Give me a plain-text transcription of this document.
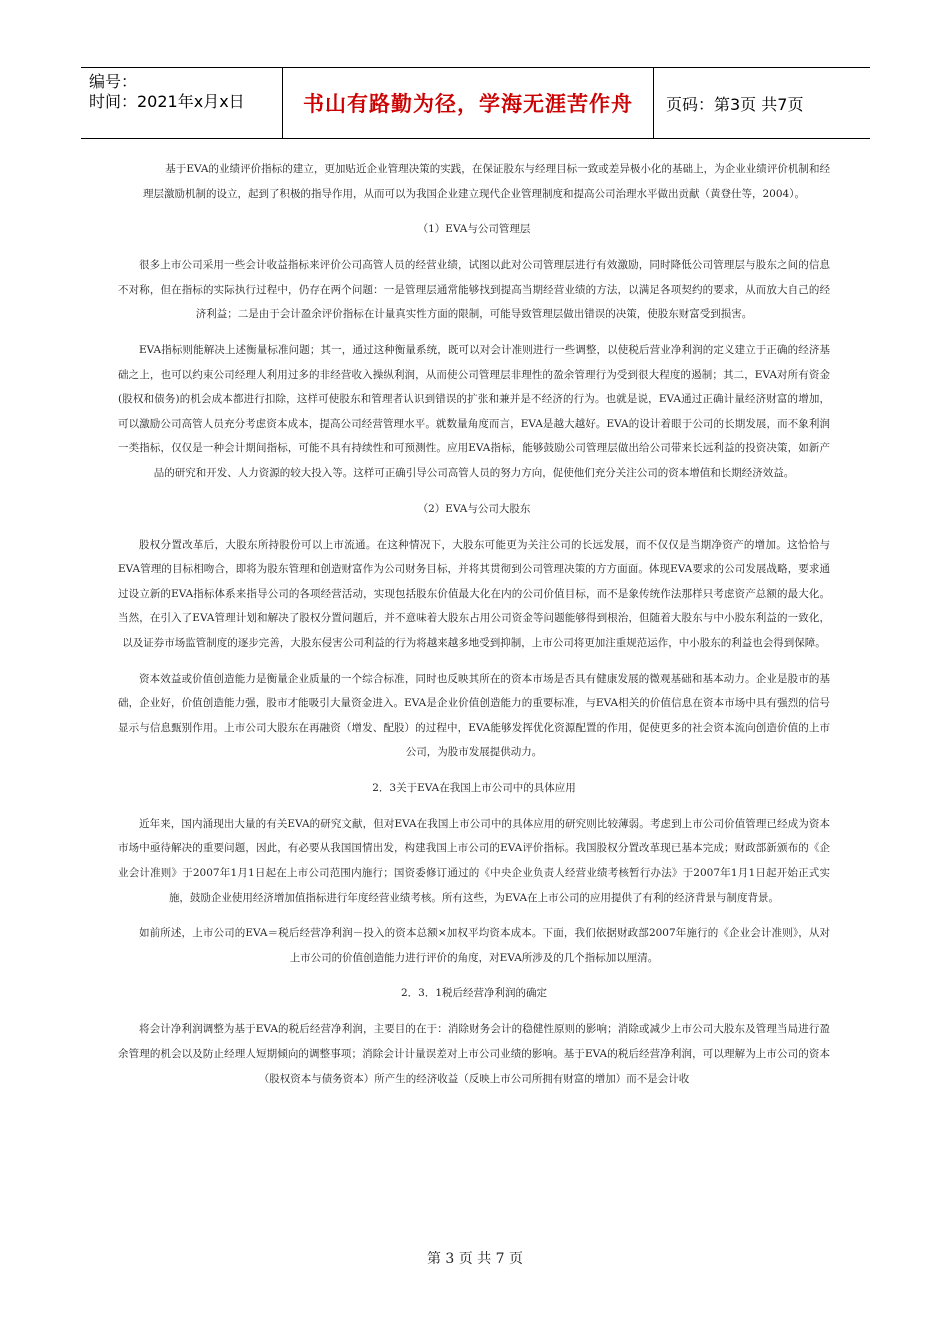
编号：
时间：2021年x月x日	书山有路勤为径，学海无涯苦作舟	页码：第3页 共7页

基于EVA的业绩评价指标的建立，更加贴近企业管理决策的实践，在保证股东与经理目标一致或差异极小化的基础上，为企业业绩评价机制和经理层激励机制的设立，起到了积极的指导作用，从而可以为我国企业建立现代企业管理制度和提高公司治理水平做出贡献（黄登仕等，2004）。

（1）EVA与公司管理层

很多上市公司采用一些会计收益指标来评价公司高管人员的经营业绩，试图以此对公司管理层进行有效激励，同时降低公司管理层与股东之间的信息不对称，但在指标的实际执行过程中，仍存在两个问题：一是管理层通常能够找到提高当期经营业绩的方法，以满足各项契约的要求，从而放大自己的经济利益；二是由于会计盈余评价指标在计量真实性方面的限制，可能导致管理层做出错误的决策，使股东财富受到损害。

EVA指标则能解决上述衡量标准问题；其一，通过这种衡量系统，既可以对会计准则进行一些调整，以使税后营业净利润的定义建立于正确的经济基础之上，也可以约束公司经理人利用过多的非经营收入操纵利润，从而使公司管理层非理性的盈余管理行为受到很大程度的遏制；其二，EVA对所有资金(股权和债务)的机会成本都进行扣除，这样可使股东和管理者认识到错误的扩张和兼并是不经济的行为。也就是说，EVA通过正确计量经济财富的增加，可以激励公司高管人员充分考虑资本成本，提高公司经营管理水平。就数量角度而言，EVA是越大越好。EVA的设计着眼于公司的长期发展，而不象利润一类指标，仅仅是一种会计期间指标，可能不具有持续性和可预测性。应用EVA指标，能够鼓励公司管理层做出给公司带来长远利益的投资决策，如新产品的研究和开发、人力资源的较大投入等。这样可正确引导公司高管人员的努力方向，促使他们充分关注公司的资本增值和长期经济效益。

（2）EVA与公司大股东

股权分置改革后，大股东所持股份可以上市流通。在这种情况下，大股东可能更为关注公司的长远发展，而不仅仅是当期净资产的增加。这恰恰与EVA管理的目标相吻合，即将为股东管理和创造财富作为公司财务目标，并将其贯彻到公司管理决策的方方面面。体现EVA要求的公司发展战略，要求通过设立新的EVA指标体系来指导公司的各项经营活动，实现包括股东价值最大化在内的公司价值目标，而不是象传统作法那样只考虑资产总额的最大化。当然，在引入了EVA管理计划和解决了股权分置问题后，并不意味着大股东占用公司资金等问题能够得到根治，但随着大股东与中小股东利益的一致化，以及证券市场监管制度的逐步完善，大股东侵害公司利益的行为将越来越多地受到抑制，上市公司将更加注重规范运作，中小股东的利益也会得到保障。

资本效益或价值创造能力是衡量企业质量的一个综合标准，同时也反映其所在的资本市场是否具有健康发展的微观基础和基本动力。企业是股市的基础，企业好，价值创造能力强，股市才能吸引大量资金进入。EVA是企业价值创造能力的重要标准，与EVA相关的价值信息在资本市场中具有强烈的信号显示与信息甄别作用。上市公司大股东在再融资（增发、配股）的过程中，EVA能够发挥优化资源配置的作用，促使更多的社会资本流向创造价值的上市公司，为股市发展提供动力。

2．3关于EVA在我国上市公司中的具体应用

近年来，国内涌现出大量的有关EVA的研究文献，但对EVA在我国上市公司中的具体应用的研究则比较薄弱。考虑到上市公司价值管理已经成为资本市场中亟待解决的重要问题，因此，有必要从我国国情出发，构建我国上市公司的EVA评价指标。我国股权分置改革现已基本完成；财政部新颁布的《企业会计准则》于2007年1月1日起在上市公司范围内施行；国资委修订通过的《中央企业负责人经营业绩考核暂行办法》于2007年1月1日起开始正式实施，鼓励企业使用经济增加值指标进行年度经营业绩考核。所有这些，为EVA在上市公司的应用提供了有利的经济背景与制度背景。

如前所述，上市公司的EVA＝税后经营净利润－投入的资本总额×加权平均资本成本。下面，我们依据财政部2007年施行的《企业会计准则》，从对上市公司的价值创造能力进行评价的角度，对EVA所涉及的几个指标加以厘清。

2．3．1税后经营净利润的确定

将会计净利润调整为基于EVA的税后经营净利润，主要目的在于：消除财务会计的稳健性原则的影响；消除或减少上市公司大股东及管理当局进行盈余管理的机会以及防止经理人短期倾向的调整事项；消除会计计量误差对上市公司业绩的影响。基于EVA的税后经营净利润，可以理解为上市公司的资本（股权资本与债务资本）所产生的经济收益（反映上市公司所拥有财富的增加）而不是会计收

第 3 页 共 7 页
